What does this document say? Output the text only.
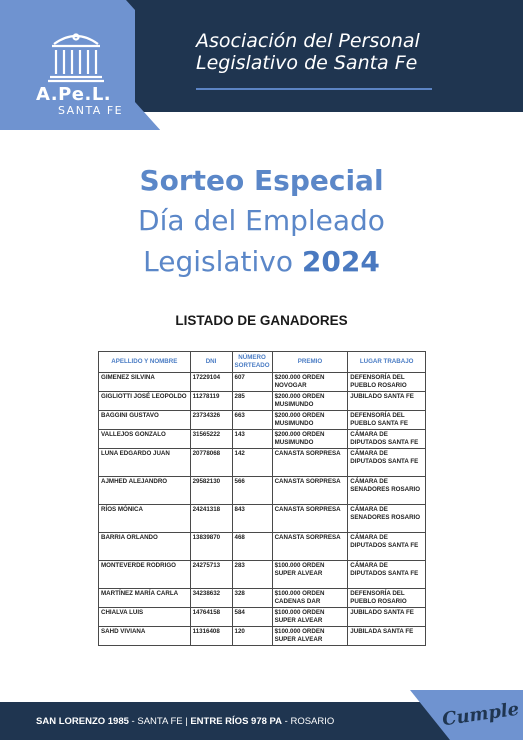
A.Pe.L.
SANTA FE
Asociación del Personal
Legislativo de Santa Fe
Sorteo Especial
Día del Empleado
Legislativo 2024
LISTADO DE GANADORES
APELLIDO Y NOMBRE	DNI	NÚMERO SORTEADO	PREMIO	LUGAR TRABAJO
GIMENEZ SILVINA	17229104	607	$200.000 ORDEN NOVOGAR	DEFENSORÍA DEL PUEBLO ROSARIO
GIGLIOTTI JOSÉ LEOPOLDO	11278119	285	$200.000 ORDEN MUSIMUNDO	JUBILADO SANTA FE
BAGGINI GUSTAVO	23734326	663	$200.000 ORDEN MUSIMUNDO	DEFENSORÍA DEL PUEBLO SANTA FE
VALLEJOS GONZALO	31565222	143	$200.000 ORDEN MUSIMUNDO	CÁMARA DE DIPUTADOS SANTA FE
LUNA EDGARDO JUAN	20778068	142	CANASTA SORPRESA	CÁMARA DE DIPUTADOS SANTA FE
AJMHED ALEJANDRO	29582130	566	CANASTA SORPRESA	CÁMARA DE SENADORES ROSARIO
RÍOS MÓNICA	24241318	843	CANASTA SORPRESA	CÁMARA DE SENADORES ROSARIO
BARRIA ORLANDO	13839870	468	CANASTA SORPRESA	CÁMARA DE DIPUTADOS SANTA FE
MONTEVERDE RODRIGO	24275713	283	$100.000 ORDEN SUPER ALVEAR	CÁMARA DE DIPUTADOS SANTA FE
MARTÍNEZ MARÍA CARLA	34238632	328	$100.000 ORDEN CADENAS DAR	DEFENSORÍA DEL PUEBLO ROSARIO
CHIALVA LUIS	14764158	584	$100.000 ORDEN SUPER ALVEAR	JUBILADO SANTA FE
SAHD VIVIANA	11316408	120	$100.000 ORDEN SUPER ALVEAR	JUBILADA SANTA FE
SAN LORENZO 1985 - SANTA FE | ENTRE RÍOS 978 PA - ROSARIO	Cumple
